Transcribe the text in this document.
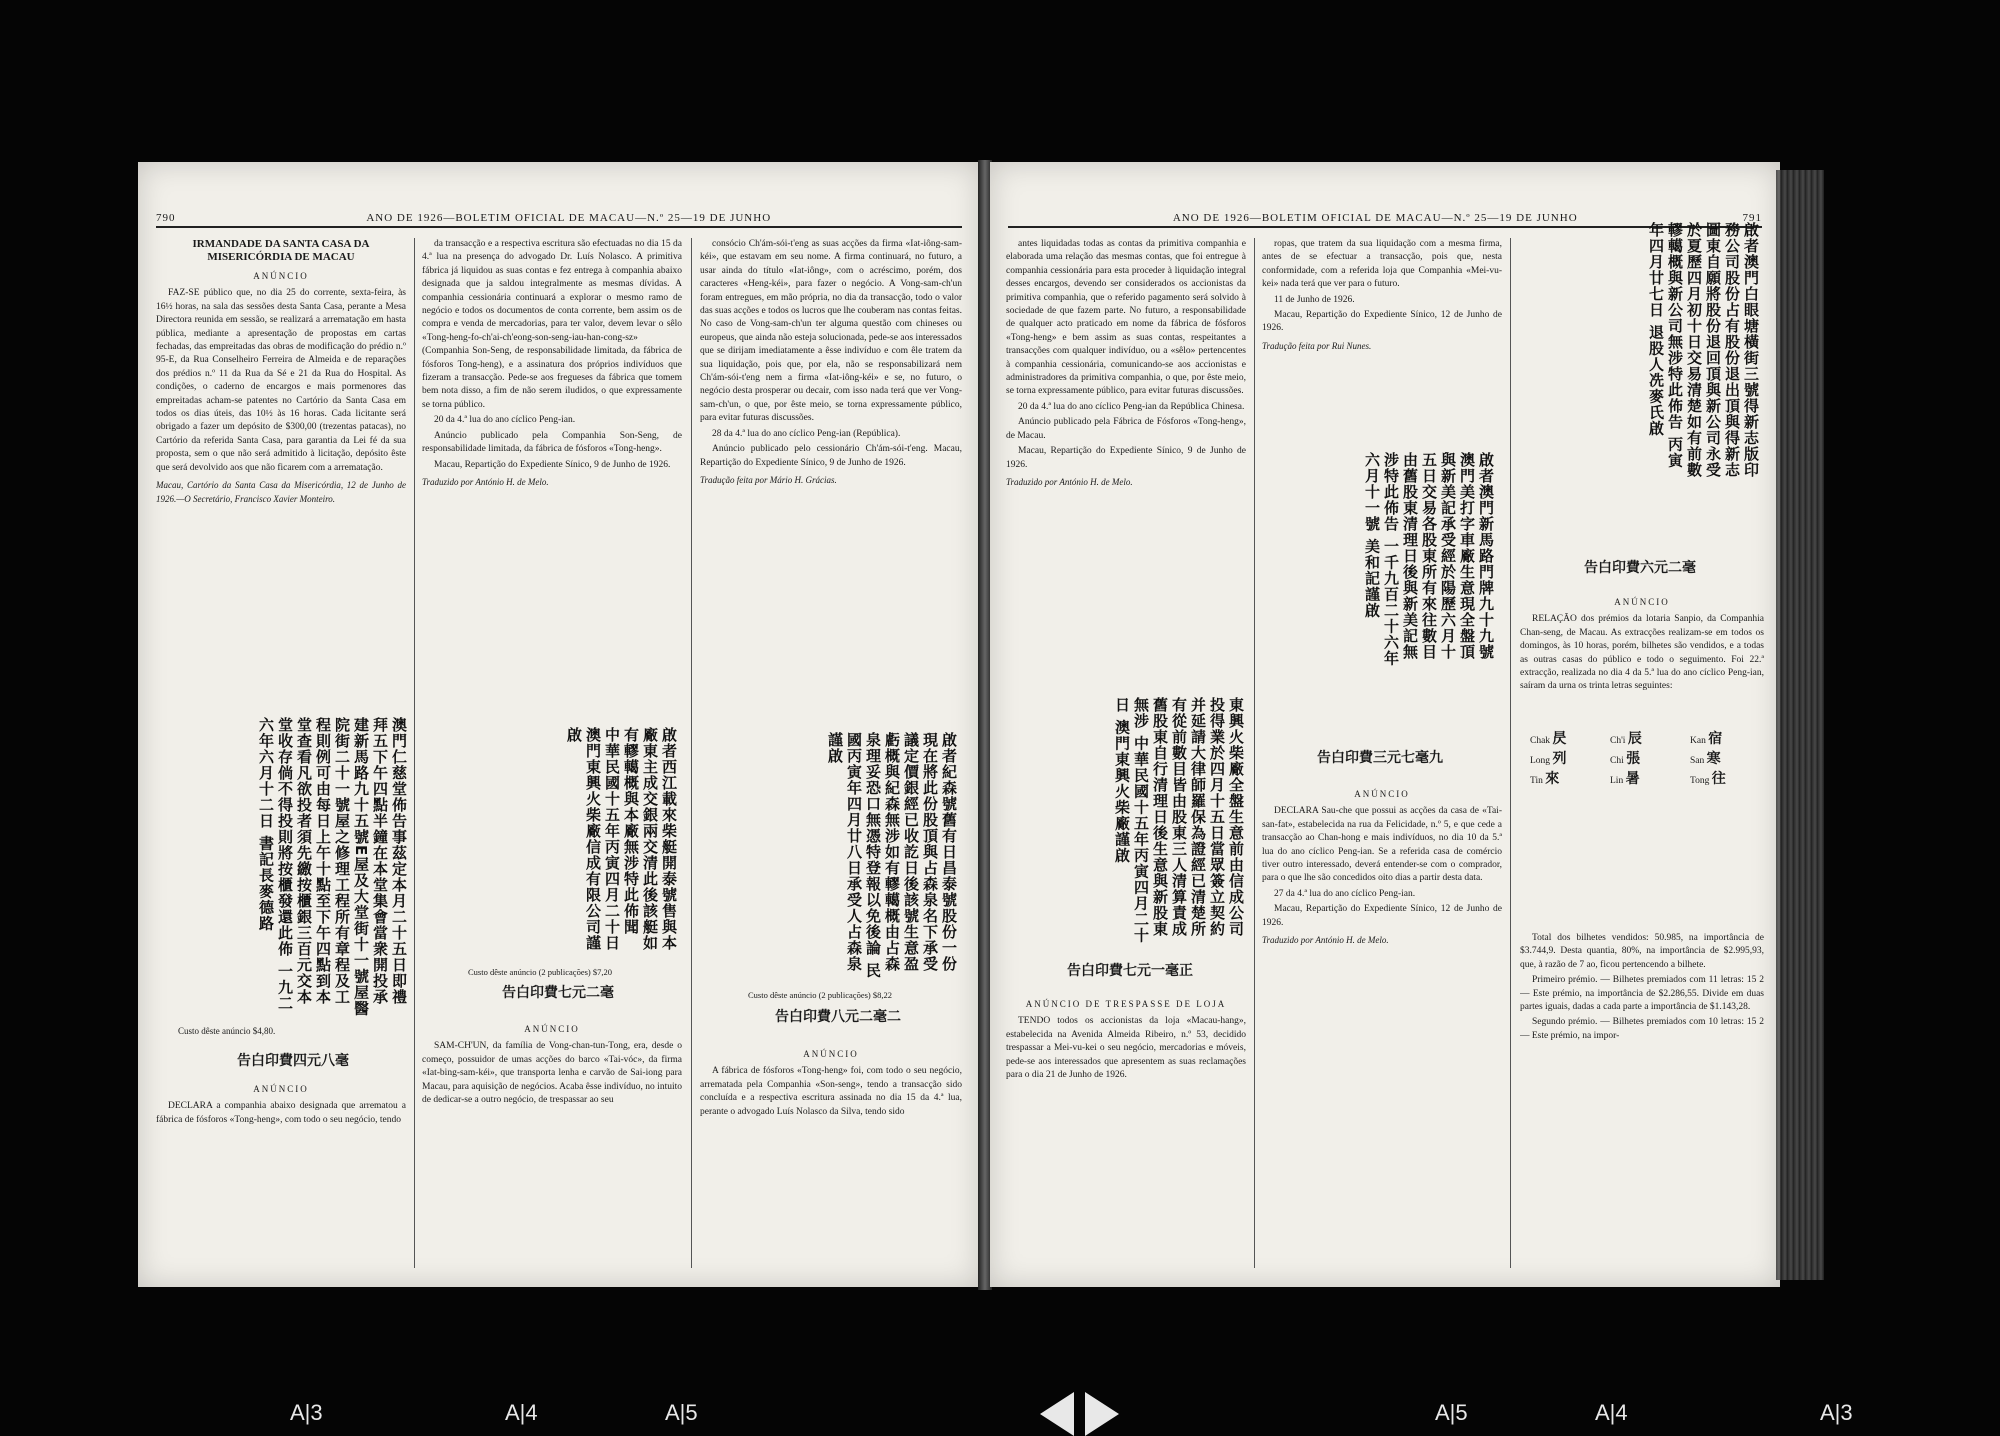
790	ANO DE 1926—BOLETIM OFICIAL DE MACAU—N.º 25—19 DE JUNHO
IRMANDADE DA SANTA CASA DA MISERICÓRDIA DE MACAU
ANÚNCIO

FAZ-SE público que, no dia 25 do corrente, sexta-feira, às 16½ horas, na sala das sessões desta Santa Casa, perante a Mesa Directora reunida em sessão, se realizará a arrematação em hasta pública, mediante a apresentação de propostas em cartas fechadas, das empreitadas das obras de modificação do prédio n.º 95-E, da Rua Conselheiro Ferreira de Almeida e de reparações dos prédios n.º 11 da Rua da Sé e 21 da Rua do Hospital. As condições, o caderno de encargos e mais pormenores das empreitadas acham-se patentes no Cartório da Santa Casa em todos os dias úteis, das 10½ às 16 horas. Cada licitante será obrigado a fazer um depósito de $300,00 (trezentas patacas), no Cartório da referida Santa Casa, para garantia da Lei fé da sua proposta, sem o que não será admitido à licitação, depósito êste que será devolvido aos que não ficarem com a arrematação.

Macau, Cartório da Santa Casa da Misericórdia, 12 de Junho de 1926.—O Secretário, Francisco Xavier Monteiro.
澳門仁慈堂佈告事茲定本月二十五日即禮拜五下午四點半鐘在本堂集會當衆開投承建新馬路九十五號E屋及大堂街十一號屋醫院街二十一號屋之修理工程所有章程及工程則例可由每日上午十點至下午四點到本堂查看凡欲投者須先繳按櫃銀三百元交本堂收存倘不得投則將按櫃發還此佈 一九二六年六月十二日 書記長麥德路
Custo dêste anúncio $4,80.
告白印費四元八毫
ANÚNCIO

DECLARA a companhia abaixo designada que arrematou a fábrica de fósforos «Tong-heng», com todo o seu negócio, tendo

da transacção e a respectiva escritura são efectuadas no dia 15 da 4.ª lua na presença do advogado Dr. Luís Nolasco. A primitiva fábrica já liquidou as suas contas e fez entrega à companhia abaixo designada que ja saldou integralmente as mesmas dívidas. A companhia cessionária continuará a explorar o mesmo ramo de negócio e todos os documentos de conta corrente, bem assim os de compra e venda de mercadorias, para ter valor, devem levar o sêlo «Tong-heng-fo-ch'ai-ch'eong-son-seng-iau-han-cong-sz» (Companhia Son-Seng, de responsabilidade limitada, da fábrica de fósforos Tong-heng), e a assinatura dos próprios indivíduos que fizeram a transacção. Pede-se aos fregueses da fábrica que tomem bem nota disso, a fim de não serem iludidos, o que expressamente se torna público.

20 da 4.ª lua do ano cíclico Peng-ian.

Anúncio publicado pela Companhia Son-Seng, de responsabilidade limitada, da fábrica de fósforos «Tong-heng».

Macau, Repartição do Expediente Sínico, 9 de Junho de 1926.

Traduzido por António H. de Melo.
啟者西江載來柴艇開泰號售與本廠東主成交銀兩交清此後該艇如有轇轕概與本廠無涉特此佈聞 中華民國十五年丙寅四月二十日 澳門東興火柴廠信成有限公司謹啟
Custo dêste anúncio (2 publicações) $7,20
告白印費七元二毫
ANÚNCIO

SAM-CH'UN, da família de Vong-chan-tun-Tong, era, desde o começo, possuidor de umas acções do barco «Tai-vóc», da firma «Iat-bing-sam-kéi», que transporta lenha e carvão de Sai-iong para Macau, para aquisição de negócios. Acaba êsse indivíduo, no intuito de dedicar-se a outro negócio, de trespassar ao seu

consócio Ch'ám-sói-t'eng as suas acções da firma «Iat-iông-sam-kéi», que estavam em seu nome. A firma continuará, no futuro, a usar ainda do título «Iat-iông», com o acréscimo, porém, dos caracteres «Heng-kéi», para fazer o negócio. A Vong-sam-ch'un foram entregues, em mão própria, no dia da transacção, todo o valor das suas acções e todos os lucros que lhe couberam nas contas feitas. No caso de Vong-sam-ch'un ter alguma questão com chineses ou europeus, que ainda não esteja solucionada, pede-se aos interessados que se dirijam imediatamente a êsse indivíduo e com êle tratem da sua liquidação, pois que, por ela, não se responsabilizará nem Ch'ám-sói-t'eng nem a firma «Iat-iông-kéi» e se, no futuro, o negócio desta prosperar ou decair, com isso nada terá que ver Vong-sam-ch'un, o que, por êste meio, se torna expressamente público, para evitar futuras discussões.

28 da 4.ª lua do ano cíclico Peng-ian (República).

Anúncio publicado pelo cessionário Ch'ám-sói-t'eng. Macau, Repartição do Expediente Sínico, 9 de Junho de 1926.

Tradução feita por Mário H. Grácias.
啟者紀森號舊有日昌泰號股份一份現在將此份股頂與占森泉名下承受議定價銀經已收訖日後該號生意盈虧概與紀森無涉如有轇轕概由占森泉理妥恐口無憑特登報以免後論 民國丙寅年四月廿八日承受人占森泉謹啟
Custo dêste anúncio (2 publicações) $8,22
告白印費八元二毫二
ANÚNCIO

A fábrica de fósforos «Tong-heng» foi, com todo o seu negócio, arrematada pela Companhia «Son-seng», tendo a transacção sido concluída e a respectiva escritura assinada no dia 15 da 4.ª lua, perante o advogado Luís Nolasco da Silva, tendo sido

ANO DE 1926—BOLETIM OFICIAL DE MACAU—N.º 25—19 DE JUNHO	791

antes liquidadas todas as contas da primitiva companhia e elaborada uma relação das mesmas contas, que foi entregue à companhia cessionária para esta proceder à liquidação integral desses encargos, devendo ser considerados os accionistas da primitiva companhia, que o referido pagamento será solvido à sociedade de que fazem parte. No futuro, a responsabilidade de qualquer acto praticado em nome da fábrica de fósforos «Tong-heng» e bem assim as suas contas, respeitantes a transacções com qualquer indivíduo, ou a «sêlo» pertencentes à companhia cessionária, comunicando-se aos accionistas e administradores da primitiva companhia, o que, por êste meio, se torna expressamente público, para evitar futuras discussões.

20 da 4.ª lua do ano cíclico Peng-ian da República Chinesa.

Anúncio publicado pela Fábrica de Fósforos «Tong-heng», de Macau.

Macau, Repartição do Expediente Sínico, 9 de Junho de 1926.

Traduzido por António H. de Melo.
東興火柴廠全盤生意前由信成公司投得業於四月十五日當眾簽立契約并延請大律師羅保為證經已清楚所有從前數目皆由股東三人清算責成舊股東自行清理日後生意與新股東無涉 中華民國十五年丙寅四月二十日 澳門東興火柴廠謹啟
告白印費七元一毫正
ANÚNCIO DE TRESPASSE DE LOJA

TENDO todos os accionistas da loja «Macau-hang», estabelecida na Avenida Almeida Ribeiro, n.º 53, decidido trespassar a Mei-vu-kei o seu negócio, mercadorias e móveis, pede-se aos interessados que apresentem as suas reclamações para o dia 21 de Junho de 1926.

ropas, que tratem da sua liquidação com a mesma firma, antes de se efectuar a transacção, pois que, nesta conformidade, com a referida loja que Companhia «Mei-vu-kei» nada terá que ver para o futuro.

11 de Junho de 1926.

Macau, Repartição do Expediente Sínico, 12 de Junho de 1926.

Tradução feita por Rui Nunes.
啟者澳門新馬路門牌九十九號澳門美打字車廠生意現全盤頂與新美記承受經於陽歷六月十五日交易各股東所有來往數目由舊股東清理日後與新美記無涉特此佈告 一千九百二十六年六月十一號 美和記謹啟
告白印費三元七毫九
ANÚNCIO

DECLARA Sau-che que possui as acções da casa de «Tai-san-fat», estabelecida na rua da Felicidade, n.º 5, e que cede a transacção ao Chan-hong e mais indivíduos, no dia 10 da 5.ª lua do ano cíclico Peng-ian. Se a referida casa de comércio tiver outro interessado, deverá entender-se com o comprador, para o que lhe são concedidos oito dias a partir desta data.

27 da 4.ª lua do ano cíclico Peng-ian.

Macau, Repartição do Expediente Sínico, 12 de Junho de 1926.

Traduzido por António H. de Melo.
啟者澳門白眼塘橫街三號得新志版印務公司股份占有股份退出頂與得新志圖東自願將股份退回頂與新公司永受於夏歷四月初十日交易清楚如有前數轇轕概與新公司無涉特此佈告 丙寅年四月廿七日 退股人冼麥氏啟
告白印費六元二毫
ANÚNCIO

RELAÇÃO dos prémios da lotaria Sanpio, da Companhia Chan-seng, de Macau. As extracções realizam-se em todos os domingos, às 10 horas, porém, bilhetes são vendidos, e a todas as outras casas do público e todo o seguimento. Foi 22.ª extracção, realizada no dia 4 da 5.ª lua do ano cíclico Peng-ian, saíram da urna os trinta letras seguintes:

Chak 昃	Ch'i 辰	Kan 宿
Long 列	Chi 張	San 寒
Tin 來	Lin 暑	Tong 往

Total dos bilhetes vendidos: 50.985, na importância de $3.744,9. Desta quantia, 80%, na importância de $2.995,93, que, à razão de 7 ao, ficou pertencendo a bilhete.

Primeiro prémio. — Bilhetes premiados com 11 letras: 15 2 — Este prémio, na importância de $2.286,55. Divide em duas partes iguais, dadas a cada parte a importância de $1.143,28.

Segundo prémio. — Bilhetes premiados com 10 letras: 15 2 — Este prémio, na impor-

A|3	A|4	A|5	A|5	A|4	A|3
